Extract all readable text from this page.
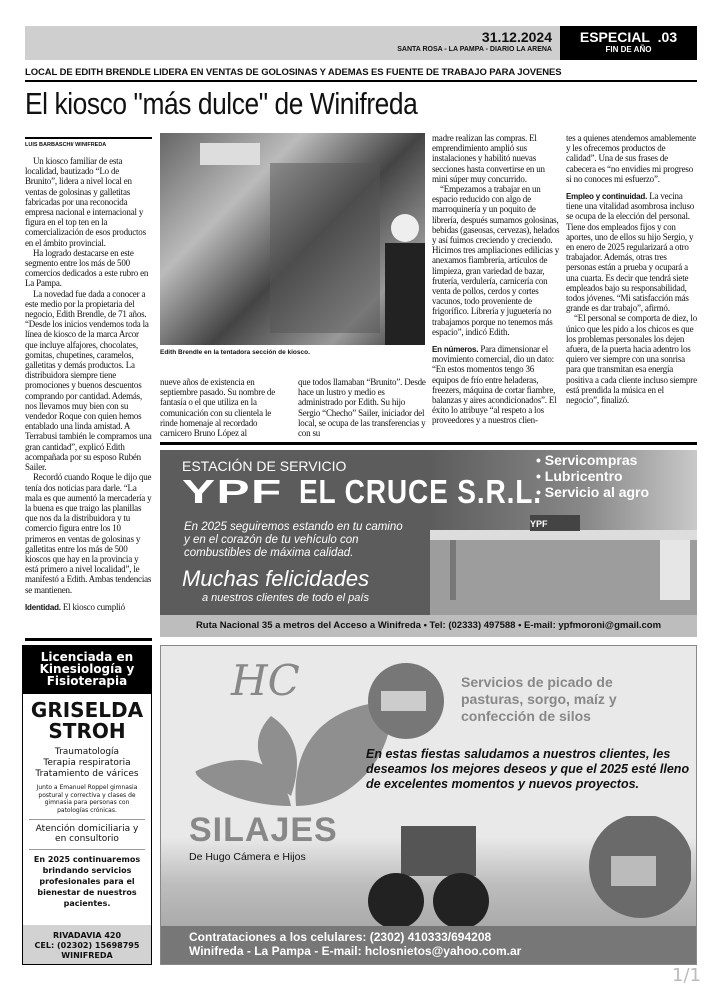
31.12.2024
SANTA ROSA - LA PAMPA - DIARIO LA ARENA
ESPECIAL .03
FIN DE AÑO
LOCAL DE EDITH BRENDLE LIDERA EN VENTAS DE GOLOSINAS Y ADEMAS ES FUENTE DE TRABAJO PARA JOVENES
El kiosco "más dulce" de Winifreda
LUIS BARBASCHI/ WINIFREDA

Un kiosco familiar de esta localidad, bautizado “Lo de Brunito”, lidera a nivel local en ventas de golosinas y galletitas fabricadas por una reconocida empresa nacional e internacional y figura en el top ten en la comercialización de esos productos en el ámbito provincial.

Ha logrado destacarse en este segmento entre los más de 500 comercios dedicados a este rubro en La Pampa.

La novedad fue dada a conocer a este medio por la propietaria del negocio, Edith Brendle, de 71 años. “Desde los inicios vendemos toda la línea de kiosco de la marca Arcor que incluye alfajores, chocolates, gomitas, chupetines, caramelos, galletitas y demás productos. La distribuidora siempre tiene promociones y buenos descuentos comprando por cantidad. Además, nos llevamos muy bien con su vendedor Roque con quien hemos entablado una linda amistad. A Terrabusi también le compramos una gran cantidad”, explicó Edith acompañada por su esposo Rubén Sailer.

Recordó cuando Roque le dijo que tenía dos noticias para darle. “La mala es que aumentó la mercadería y la buena es que traigo las planillas que nos da la distribuidora y tu comercio figura entre los 10 primeros en ventas de golosinas y galletitas entre los más de 500 kioscos que hay en la provincia y está primero a nivel localidad”, le manifestó a Edith. Ambas tendencias se mantienen.

Identidad. El kiosco cumplió

Edith Brendle en la tentadora sección de kiosco.

nueve años de existencia en septiembre pasado. Su nombre de fantasía o el que utiliza en la comunicación con su clientela le rinde homenaje al recordado carnicero Bruno López al

que todos llamaban “Brunito”. Desde hace un lustro y medio es administrado por Edith. Su hijo Sergio “Checho” Sailer, iniciador del local, se ocupa de las transferencias y con su

madre realizan las compras. El emprendimiento amplió sus instalaciones y habilitó nuevas secciones hasta convertirse en un mini súper muy concurrido.

“Empezamos a trabajar en un espacio reducido con algo de marroquinería y un poquito de librería, después sumamos golosinas, bebidas (gaseosas, cervezas), helados y así fuimos creciendo y creciendo. Hicimos tres ampliaciones edilicias y anexamos fiambrería, artículos de limpieza, gran variedad de bazar, frutería, verdulería, carnicería con venta de pollos, cerdos y cortes vacunos, todo proveniente de frigorífico. Librería y juguetería no trabajamos porque no tenemos más espacio”, indicó Edith.

En números. Para dimensionar el movimiento comercial, dio un dato: “En estos momentos tengo 36 equipos de frío entre heladeras, freezers, máquina de cortar fiambre, balanzas y aires acondicionados”. El éxito lo atribuye “al respeto a los proveedores y a nuestros clien-

tes a quienes atendemos amablemente y les ofrecemos productos de calidad”. Una de sus frases de cabecera es “no envidies mi progreso si no conoces mi esfuerzo”.

Empleo y continuidad. La vecina tiene una vitalidad asombrosa incluso se ocupa de la elección del personal. Tiene dos empleados fijos y con aportes, uno de ellos su hijo Sergio, y en enero de 2025 regularizará a otro trabajador. Además, otras tres personas están a prueba y ocupará a una cuarta. Es decir que tendrá siete empleados bajo su responsabilidad, todos jóvenes. “Mi satisfacción más grande es dar trabajo”, afirmó.

“El personal se comporta de diez, lo único que les pido a los chicos es que los problemas personales los dejen afuera, de la puerta hacia adentro los quiero ver siempre con una sonrisa para que transmitan esa energía positiva a cada cliente incluso siempre está prendida la música en el negocio”, finalizó.

YPF
ESTACIÓN DE SERVICIO
YPF EL CRUCE S.R.L.
• Servicompras
• Lubricentro
• Servicio al agro
En 2025 seguiremos estando en tu camino y en el corazón de tu vehículo con combustibles de máxima calidad.
Muchas felicidades
a nuestros clientes de todo el país
Ruta Nacional 35 a metros del Acceso a Winifreda • Tel: (02333) 497588 • E-mail: ypfmoroni@gmail.com
Licenciada en Kinesiología y Fisioterapia
GRISELDA
STROH
Traumatología
Terapia respiratoria
Tratamiento de várices
Junto a Emanuel Roppel gimnasia postural y correctiva y clases de gimnasia para personas con patologías crónicas.
Atención domiciliaria y en consultorio
En 2025 continuaremos brindando servicios profesionales para el bienestar de nuestros pacientes.
RIVADAVIA 420
CEL: (02302) 15698795
WINIFREDA
HC
SILAJES
De Hugo Cámera e Hijos
Servicios de picado de pasturas, sorgo, maíz y confección de silos
En estas fiestas saludamos a nuestros clientes, les deseamos los mejores deseos y que el 2025 esté lleno de excelentes momentos y nuevos proyectos.
Contrataciones a los celulares: (2302) 410333/694208
Winifreda - La Pampa - E-mail: hclosnietos@yahoo.com.ar
1/1
